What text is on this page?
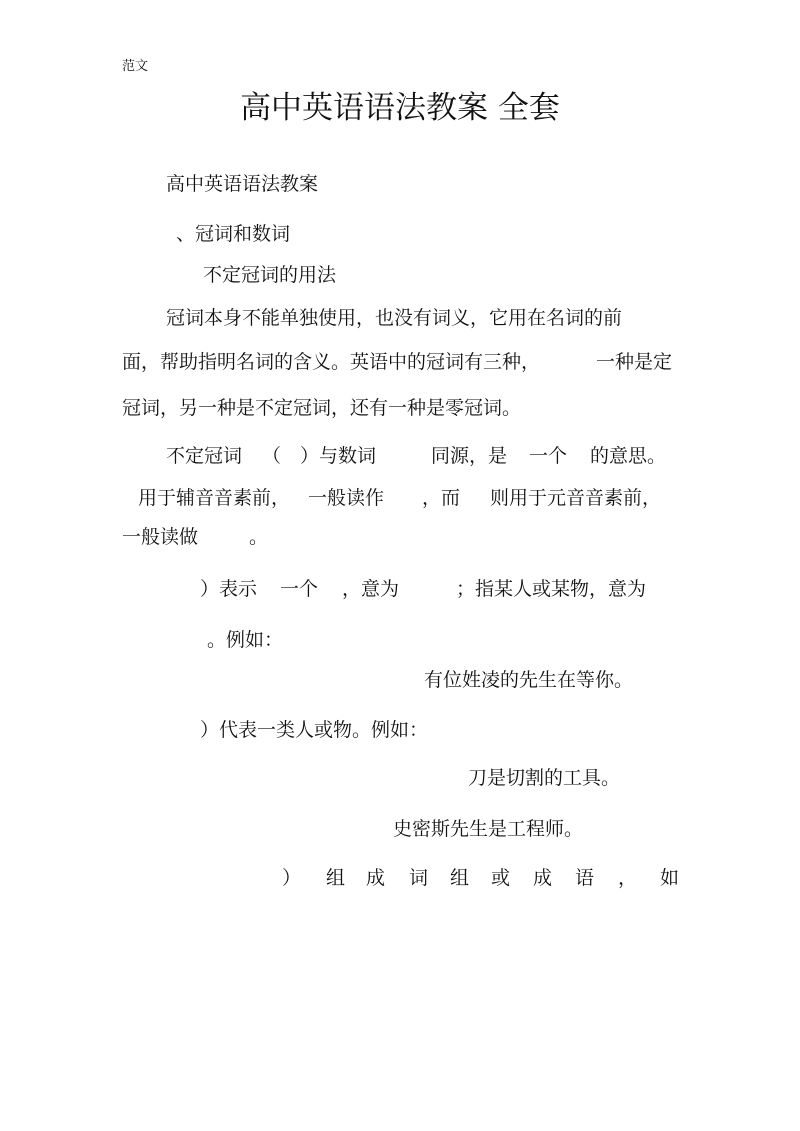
范文
高中英语语法教案 全套
高中英语语法教案
、冠词和数词
不定冠词的用法
冠词本身不能单独使用，也没有词义，它用在名词的前
面，帮助指明名词的含义。英语中的冠词有三种，	一种是定
冠词，另一种是不定冠词，还有一种是零冠词。
不定冠词 （ ）与数词	同源，是 一个 的意思。
用于辅音音素前， 一般读作 ，而 则用于元音音素前，
一般读做	。
）表示 一个 ，意为	；指某人或某物，意为
。例如：
有位姓凌的先生在等你。
）代表一类人或物。例如：
刀是切割的工具。
史密斯先生是工程师。
） 组 成 词 组 或 成 语 ， 如
